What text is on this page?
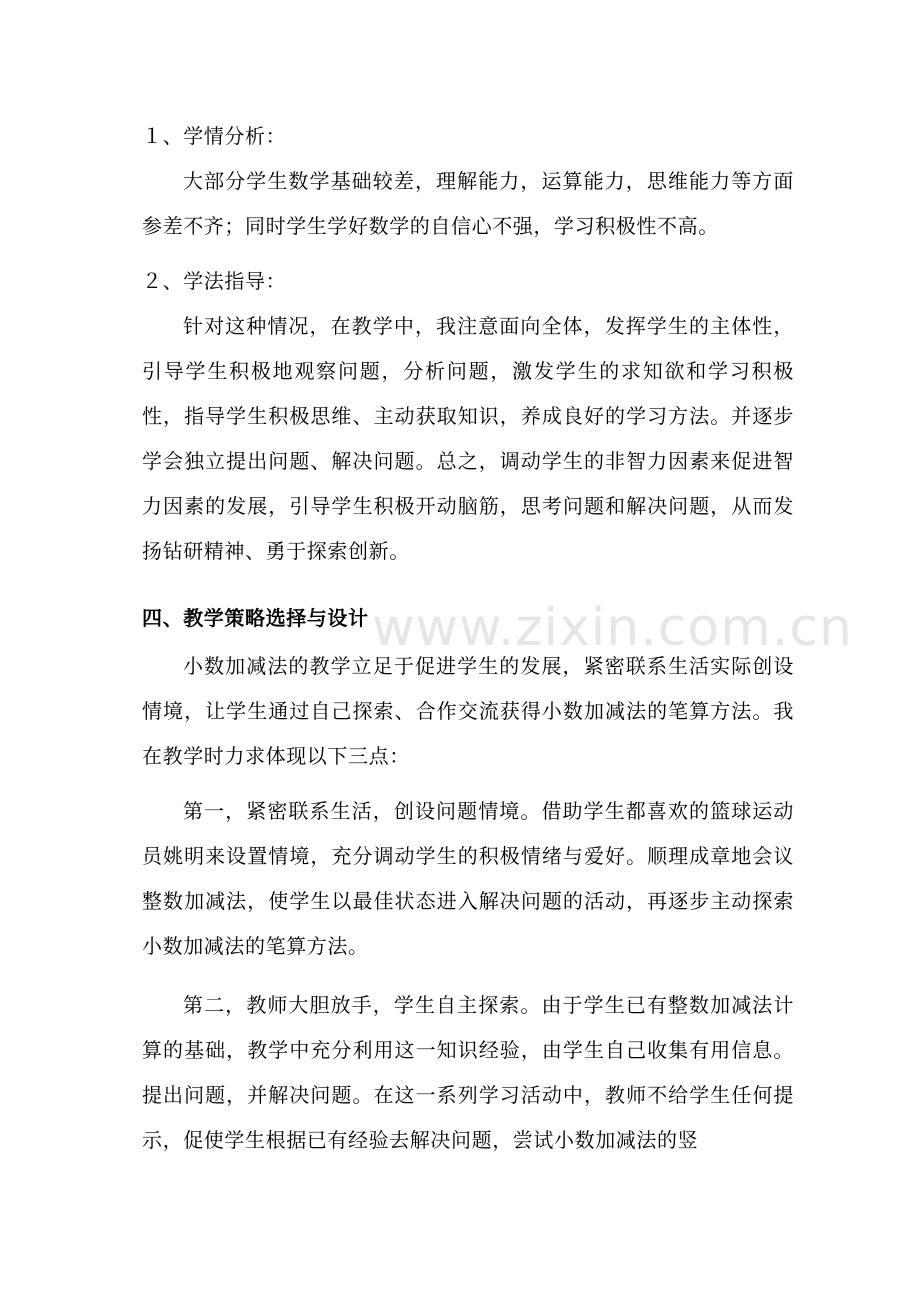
www.zixin.com.cn

１、学情分析：

大部分学生数学基础较差，理解能力，运算能力，思维能力等方面参差不齐；同时学生学好数学的自信心不强，学习积极性不高。

２、学法指导：

针对这种情况，在教学中，我注意面向全体，发挥学生的主体性，引导学生积极地观察问题，分析问题，激发学生的求知欲和学习积极性，指导学生积极思维、主动获取知识，养成良好的学习方法。并逐步学会独立提出问题、解决问题。总之，调动学生的非智力因素来促进智力因素的发展，引导学生积极开动脑筋，思考问题和解决问题，从而发扬钻研精神、勇于探索创新。

四、教学策略选择与设计

小数加减法的教学立足于促进学生的发展，紧密联系生活实际创设情境，让学生通过自己探索、合作交流获得小数加减法的笔算方法。我在教学时力求体现以下三点：

第一，紧密联系生活，创设问题情境。借助学生都喜欢的篮球运动员姚明来设置情境，充分调动学生的积极情绪与爱好。顺理成章地会议整数加减法，使学生以最佳状态进入解决问题的活动，再逐步主动探索小数加减法的笔算方法。

第二，教师大胆放手，学生自主探索。由于学生已有整数加减法计算的基础，教学中充分利用这一知识经验，由学生自己收集有用信息。提出问题，并解决问题。在这一系列学习活动中，教师不给学生任何提示，促使学生根据已有经验去解决问题，尝试小数加减法的竖
